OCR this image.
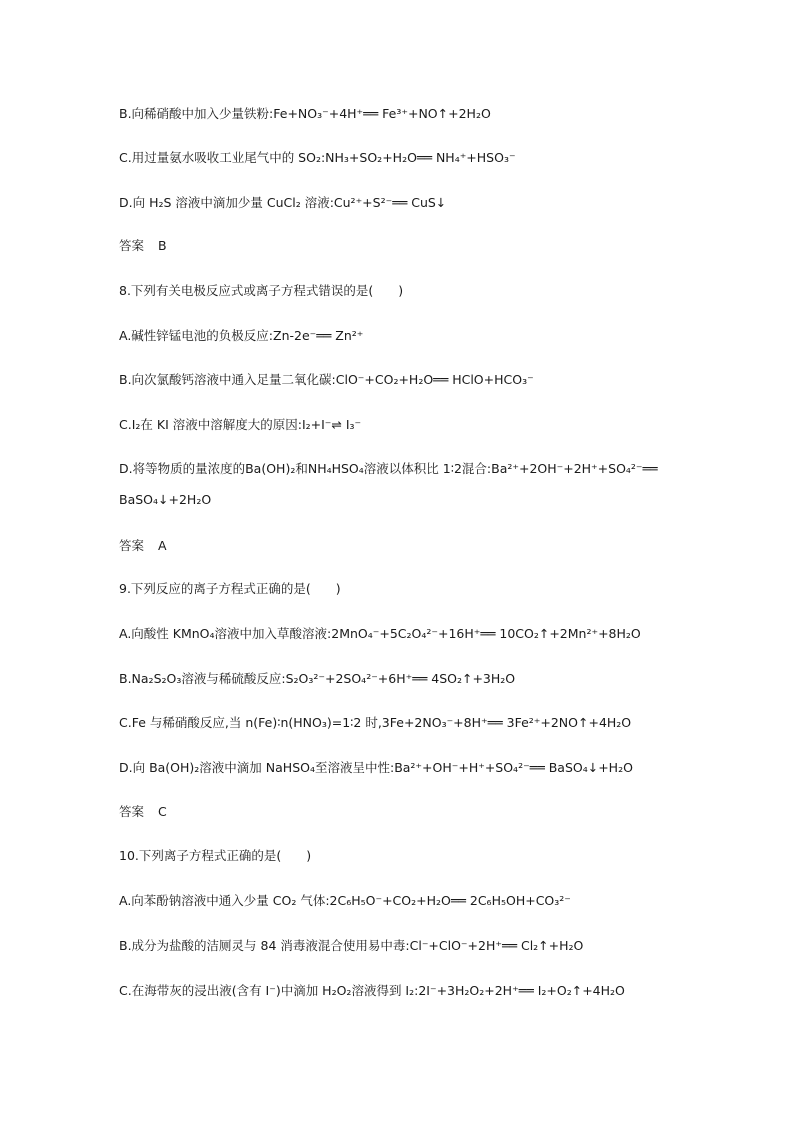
B.向稀硝酸中加入少量铁粉:Fe+NO₃⁻+4H⁺══ Fe³⁺+NO↑+2H₂O
C.用过量氨水吸收工业尾气中的 SO₂:NH₃+SO₂+H₂O══ NH₄⁺+HSO₃⁻
D.向 H₂S 溶液中滴加少量 CuCl₂ 溶液:Cu²⁺+S²⁻══ CuS↓
答案 B
8.下列有关电极反应式或离子方程式错误的是(　　)
A.碱性锌锰电池的负极反应:Zn-2e⁻══ Zn²⁺
B.向次氯酸钙溶液中通入足量二氧化碳:ClO⁻+CO₂+H₂O══ HClO+HCO₃⁻
C.I₂在 KI 溶液中溶解度大的原因:I₂+I⁻⇌ I₃⁻
D.将等物质的量浓度的Ba(OH)₂和NH₄HSO₄溶液以体积比 1∶2混合:Ba²⁺+2OH⁻+2H⁺+SO₄²⁻══
BaSO₄↓+2H₂O
答案 A
9.下列反应的离子方程式正确的是(　　)
A.向酸性 KMnO₄溶液中加入草酸溶液:2MnO₄⁻+5C₂O₄²⁻+16H⁺══ 10CO₂↑+2Mn²⁺+8H₂O
B.Na₂S₂O₃溶液与稀硫酸反应:S₂O₃²⁻+2SO₄²⁻+6H⁺══ 4SO₂↑+3H₂O
C.Fe 与稀硝酸反应,当 n(Fe)∶n(HNO₃)=1∶2 时,3Fe+2NO₃⁻+8H⁺══ 3Fe²⁺+2NO↑+4H₂O
D.向 Ba(OH)₂溶液中滴加 NaHSO₄至溶液呈中性:Ba²⁺+OH⁻+H⁺+SO₄²⁻══ BaSO₄↓+H₂O
答案 C
10.下列离子方程式正确的是(　　)
A.向苯酚钠溶液中通入少量 CO₂ 气体:2C₆H₅O⁻+CO₂+H₂O══ 2C₆H₅OH+CO₃²⁻
B.成分为盐酸的洁厕灵与 84 消毒液混合使用易中毒:Cl⁻+ClO⁻+2H⁺══ Cl₂↑+H₂O
C.在海带灰的浸出液(含有 I⁻)中滴加 H₂O₂溶液得到 I₂:2I⁻+3H₂O₂+2H⁺══ I₂+O₂↑+4H₂O
